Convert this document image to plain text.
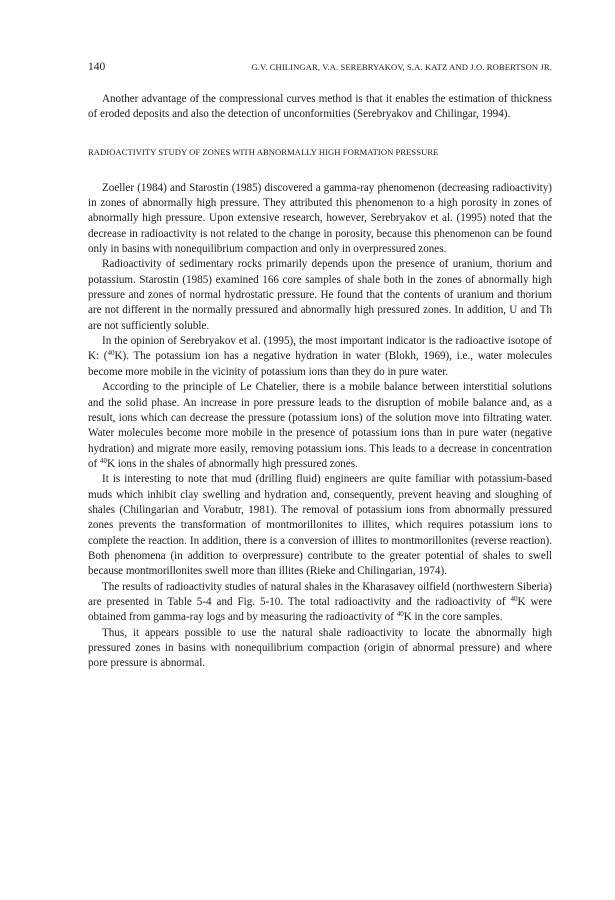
140	G.V. CHILINGAR, V.A. SEREBRYAKOV, S.A. KATZ AND J.O. ROBERTSON JR.

Another advantage of the compressional curves method is that it enables the estimation of thickness of eroded deposits and also the detection of unconformities (Serebryakov and Chilingar, 1994).

RADIOACTIVITY STUDY OF ZONES WITH ABNORMALLY HIGH FORMATION PRESSURE

Zoeller (1984) and Starostin (1985) discovered a gamma-ray phenomenon (decreasing radioactivity) in zones of abnormally high pressure. They attributed this phenomenon to a high porosity in zones of abnormally high pressure. Upon extensive research, however, Serebryakov et al. (1995) noted that the decrease in radioactivity is not related to the change in porosity, because this phenomenon can be found only in basins with nonequilibrium compaction and only in overpressured zones.

Radioactivity of sedimentary rocks primarily depends upon the presence of uranium, thorium and potassium. Starostin (1985) examined 166 core samples of shale both in the zones of abnormally high pressure and zones of normal hydrostatic pressure. He found that the contents of uranium and thorium are not different in the normally pressured and abnormally high pressured zones. In addition, U and Th are not sufficiently soluble.

In the opinion of Serebryakov et al. (1995), the most important indicator is the radioactive isotope of K: ($^{40}$K). The potassium ion has a negative hydration in water (Blokh, 1969), i.e., water molecules become more mobile in the vicinity of potassium ions than they do in pure water.

According to the principle of Le Chatelier, there is a mobile balance between interstitial solutions and the solid phase. An increase in pore pressure leads to the disruption of mobile balance and, as a result, ions which can decrease the pressure (potassium ions) of the solution move into filtrating water. Water molecules become more mobile in the presence of potassium ions than in pure water (negative hydration) and migrate more easily, removing potassium ions. This leads to a decrease in concentration of $^{40}$K ions in the shales of abnormally high pressured zones.

It is interesting to note that mud (drilling fluid) engineers are quite familiar with potassium-based muds which inhibit clay swelling and hydration and, consequently, prevent heaving and sloughing of shales (Chilingarian and Vorabutr, 1981). The removal of potassium ions from abnormally pressured zones prevents the transformation of montmorillonites to illites, which requires potassium ions to complete the reaction. In addition, there is a conversion of illites to montmorillonites (reverse reaction). Both phenomena (in addition to overpressure) contribute to the greater potential of shales to swell because montmorillonites swell more than illites (Rieke and Chilingarian, 1974).

The results of radioactivity studies of natural shales in the Kharasavey oilfield (northwestern Siberia) are presented in Table 5-4 and Fig. 5-10. The total radioactivity and the radioactivity of $^{40}$K were obtained from gamma-ray logs and by measuring the radioactivity of $^{40}$K in the core samples.

Thus, it appears possible to use the natural shale radioactivity to locate the abnormally high pressured zones in basins with nonequilibrium compaction (origin of abnormal pressure) and where pore pressure is abnormal.
